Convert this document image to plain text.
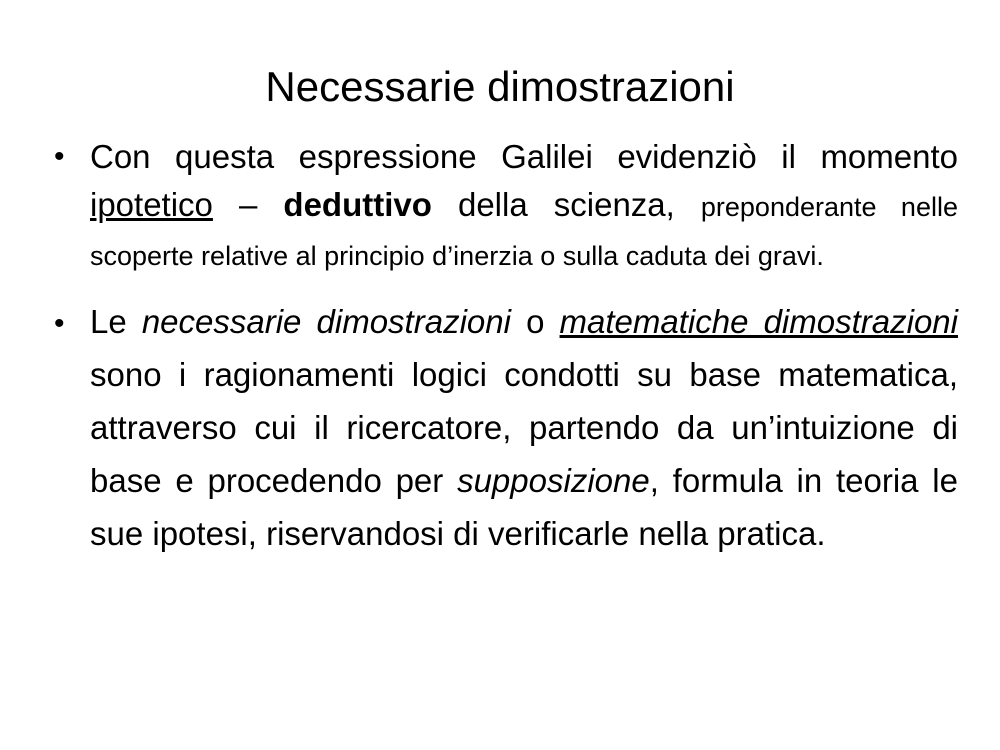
Necessarie dimostrazioni
• Con questa espressione Galilei evidenziò il momento ipotetico – deduttivo della scienza, preponderante nelle scoperte relative al principio d’inerzia o sulla caduta dei gravi.
• Le necessarie dimostrazioni o matematiche dimostrazioni sono i ragionamenti logici condotti su base matematica, attraverso cui il ricercatore, partendo da un’intuizione di base e procedendo per supposizione, formula in teoria le sue ipotesi, riservandosi di verificarle nella pratica.
